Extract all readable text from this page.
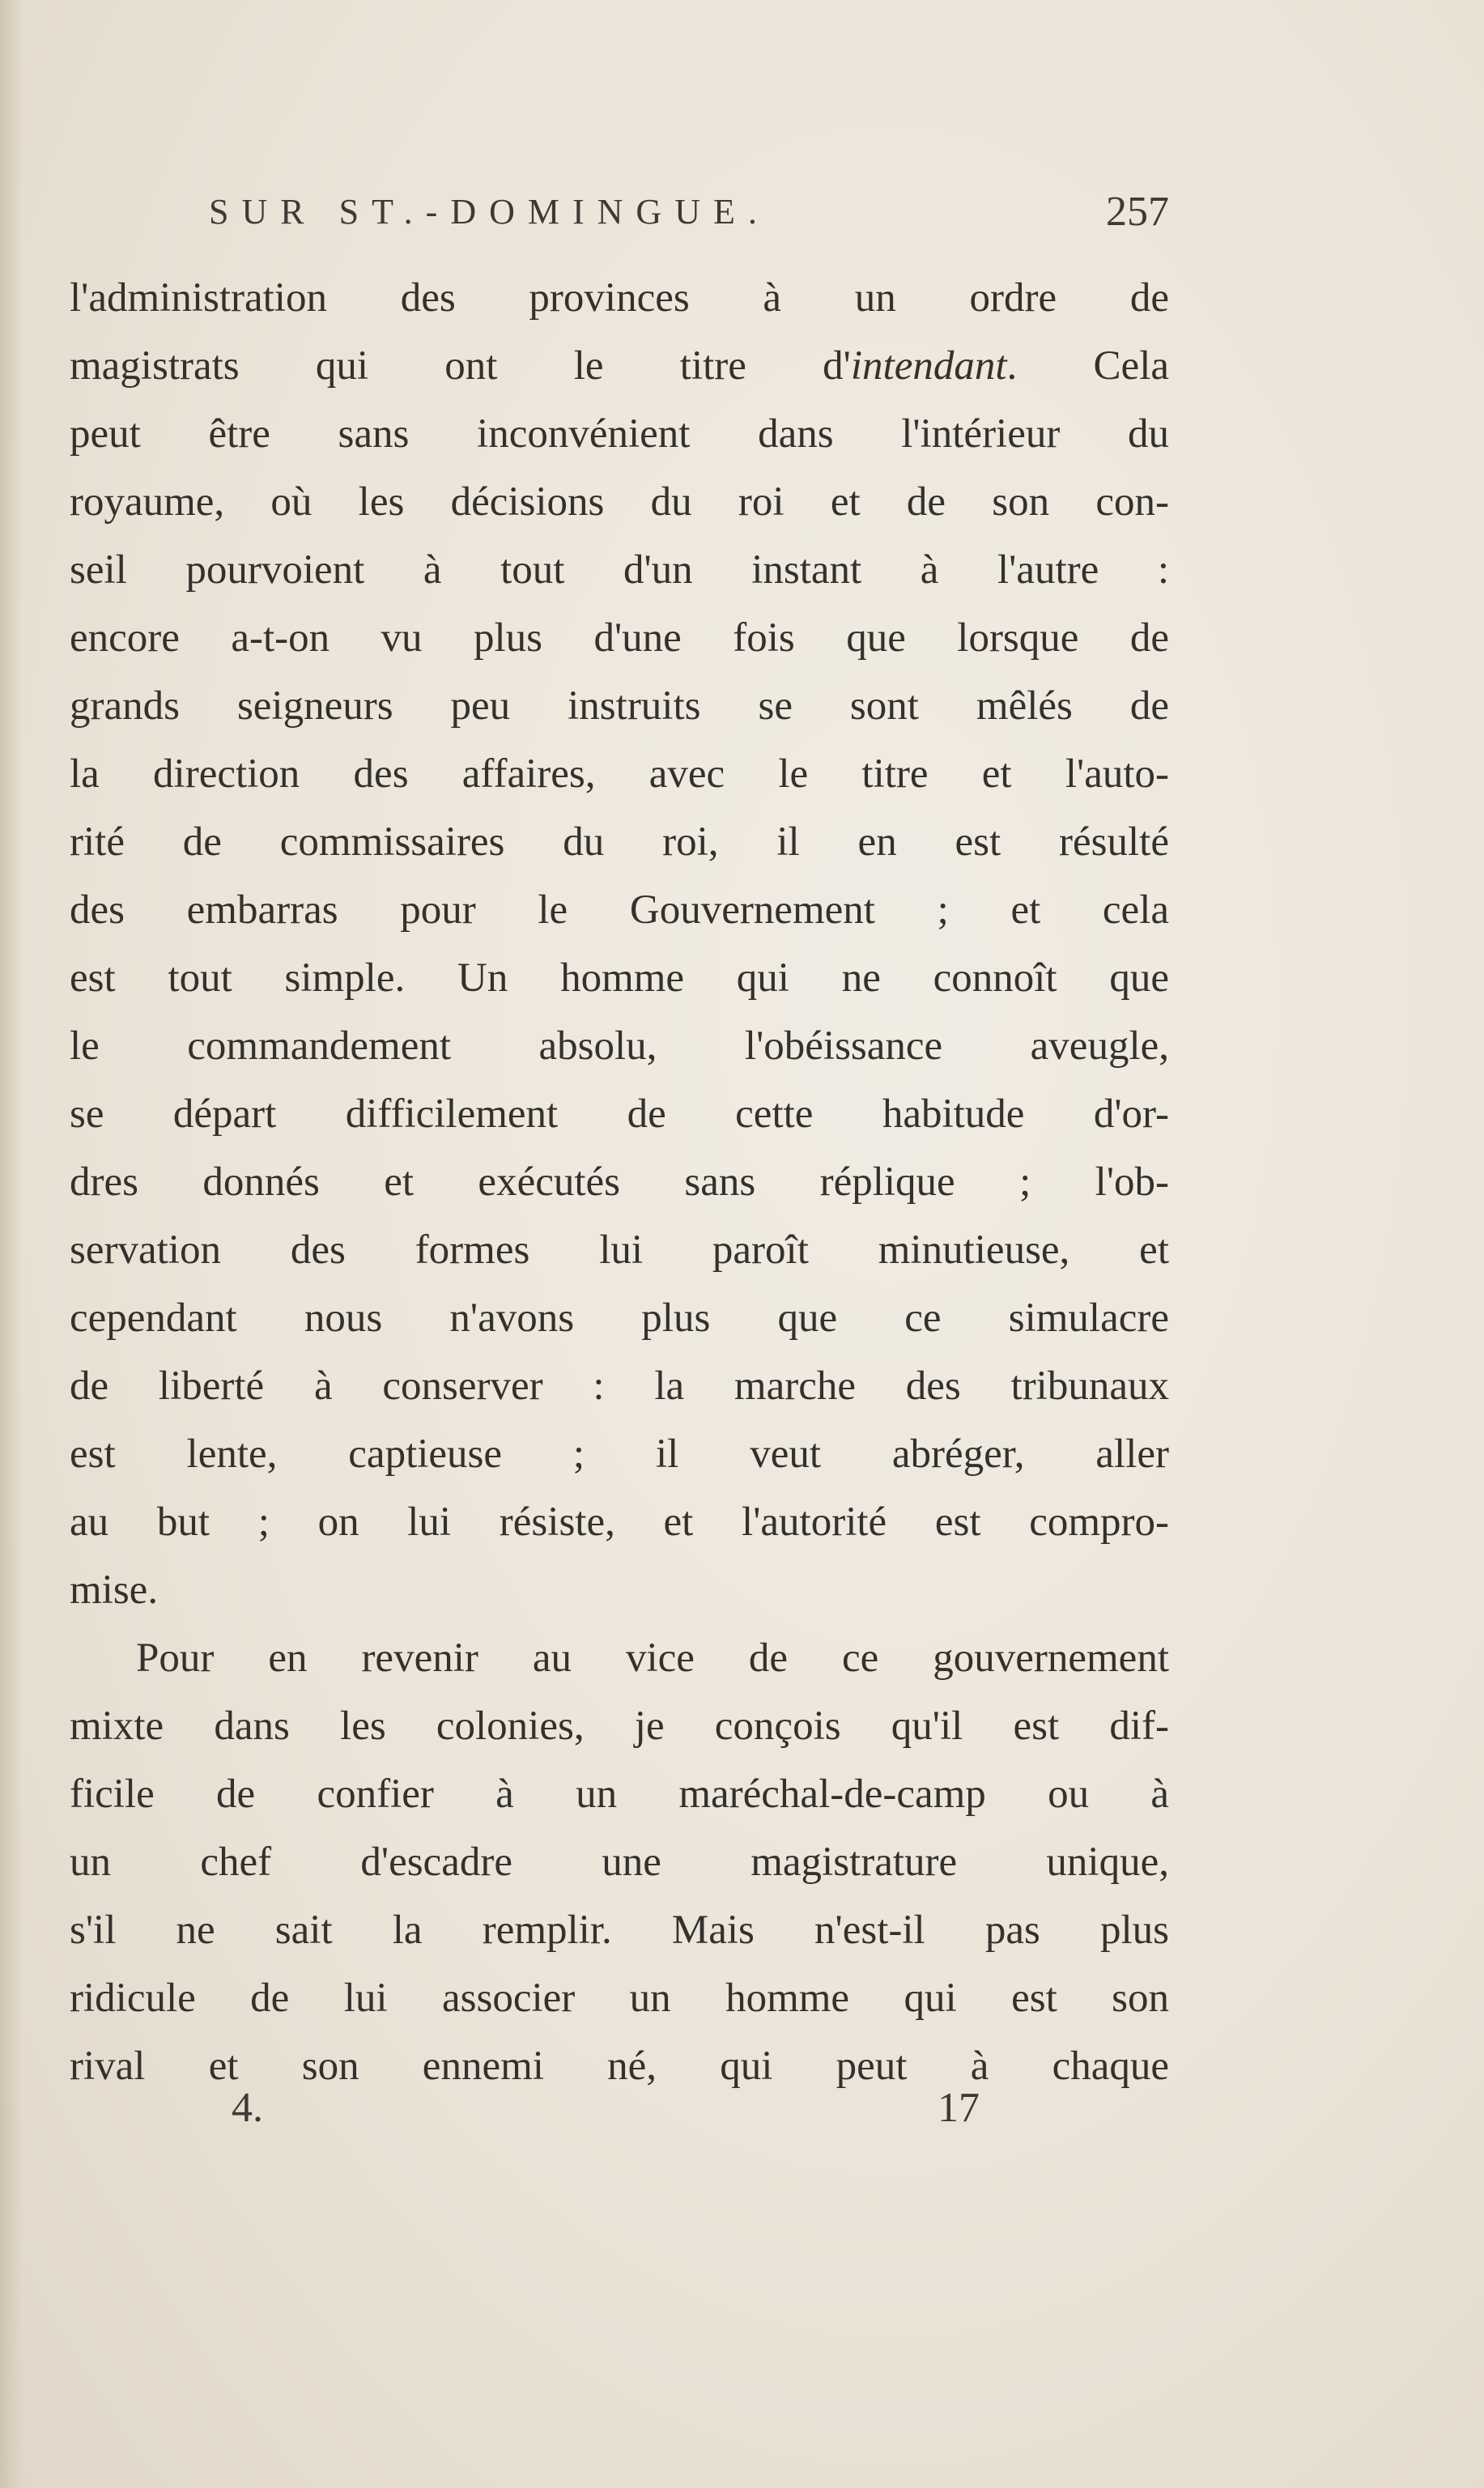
SUR ST.-DOMINGUE.	257
l'administration des provinces à un ordre de
magistrats qui ont le titre d'intendant. Cela
peut être sans inconvénient dans l'intérieur du
royaume, où les décisions du roi et de son con-
seil pourvoient à tout d'un instant à l'autre :
encore a-t-on vu plus d'une fois que lorsque de
grands seigneurs peu instruits se sont mêlés de
la direction des affaires, avec le titre et l'auto-
rité de commissaires du roi, il en est résulté
des embarras pour le Gouvernement ; et cela
est tout simple. Un homme qui ne connoît que
le commandement absolu, l'obéissance aveugle,
se départ difficilement de cette habitude d'or-
dres donnés et exécutés sans réplique ; l'ob-
servation des formes lui paroît minutieuse, et
cependant nous n'avons plus que ce simulacre
de liberté à conserver : la marche des tribunaux
est lente, captieuse ; il veut abréger, aller
au but ; on lui résiste, et l'autorité est compro-
mise.
Pour en revenir au vice de ce gouvernement
mixte dans les colonies, je conçois qu'il est dif-
ficile de confier à un maréchal-de-camp ou à
un chef d'escadre une magistrature unique,
s'il ne sait la remplir. Mais n'est-il pas plus
ridicule de lui associer un homme qui est son
rival et son ennemi né, qui peut à chaque
4.	17
